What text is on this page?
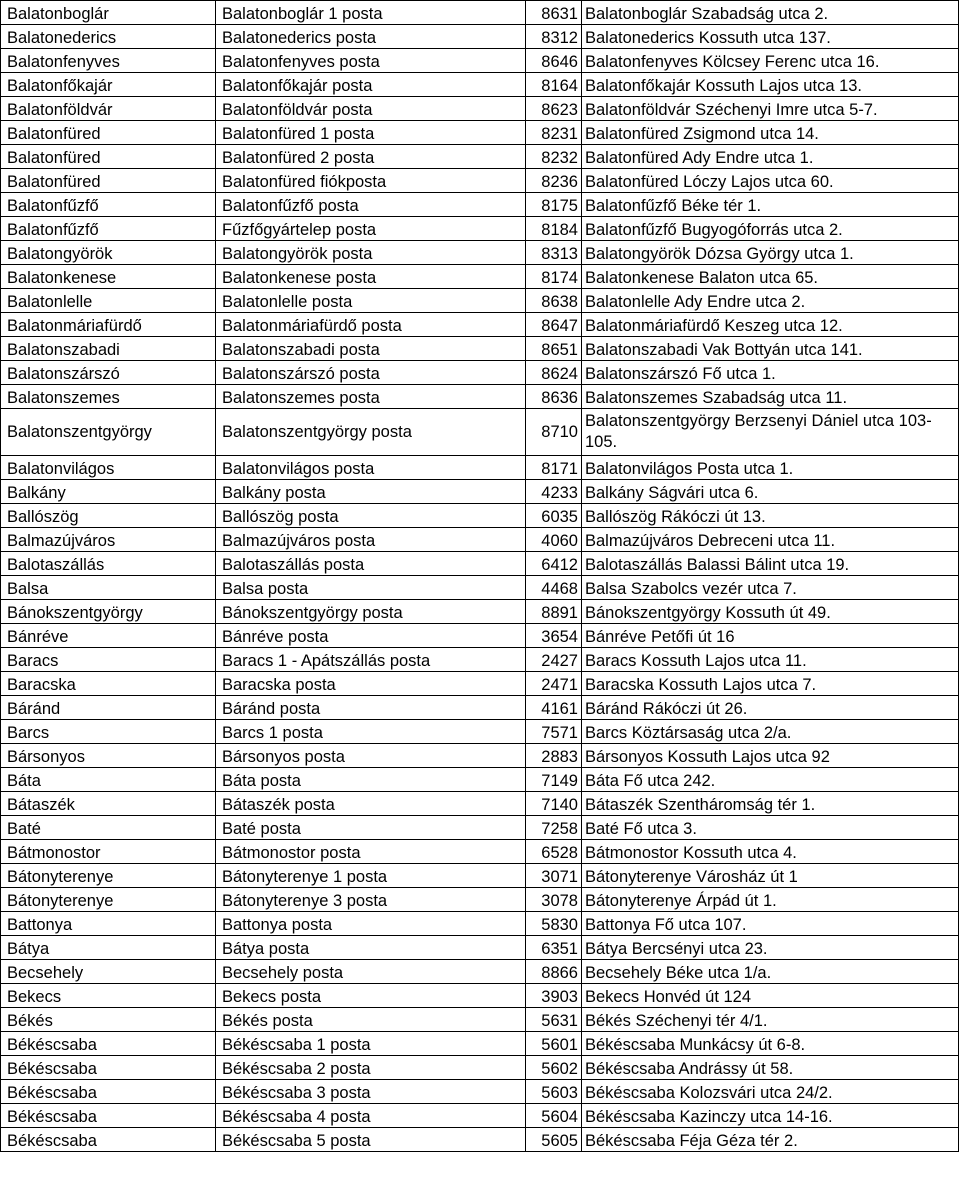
Balatonboglár	Balatonboglár 1 posta	8631	Balatonboglár Szabadság utca 2.
Balatonederics	Balatonederics posta	8312	Balatonederics Kossuth utca 137.
Balatonfenyves	Balatonfenyves posta	8646	Balatonfenyves Kölcsey Ferenc utca 16.
Balatonfőkajár	Balatonfőkajár posta	8164	Balatonfőkajár Kossuth Lajos utca 13.
Balatonföldvár	Balatonföldvár posta	8623	Balatonföldvár Széchenyi Imre utca 5-7.
Balatonfüred	Balatonfüred 1 posta	8231	Balatonfüred Zsigmond utca 14.
Balatonfüred	Balatonfüred 2 posta	8232	Balatonfüred Ady Endre utca 1.
Balatonfüred	Balatonfüred fiókposta	8236	Balatonfüred Lóczy Lajos utca 60.
Balatonfűzfő	Balatonfűzfő posta	8175	Balatonfűzfő Béke tér 1.
Balatonfűzfő	Fűzfőgyártelep posta	8184	Balatonfűzfő Bugyogóforrás utca 2.
Balatongyörök	Balatongyörök posta	8313	Balatongyörök Dózsa György utca 1.
Balatonkenese	Balatonkenese posta	8174	Balatonkenese Balaton utca 65.
Balatonlelle	Balatonlelle posta	8638	Balatonlelle Ady Endre utca 2.
Balatonmáriafürdő	Balatonmáriafürdő posta	8647	Balatonmáriafürdő Keszeg utca 12.
Balatonszabadi	Balatonszabadi posta	8651	Balatonszabadi Vak Bottyán utca 141.
Balatonszárszó	Balatonszárszó posta	8624	Balatonszárszó Fő utca 1.
Balatonszemes	Balatonszemes posta	8636	Balatonszemes Szabadság utca 11.
Balatonszentgyörgy	Balatonszentgyörgy posta	8710	Balatonszentgyörgy Berzsenyi Dániel utca 103-105.
Balatonvilágos	Balatonvilágos posta	8171	Balatonvilágos Posta utca 1.
Balkány	Balkány posta	4233	Balkány Ságvári utca 6.
Ballószög	Ballószög posta	6035	Ballószög Rákóczi út 13.
Balmazújváros	Balmazújváros posta	4060	Balmazújváros Debreceni utca 11.
Balotaszállás	Balotaszállás posta	6412	Balotaszállás Balassi Bálint utca 19.
Balsa	Balsa posta	4468	Balsa Szabolcs vezér utca 7.
Bánokszentgyörgy	Bánokszentgyörgy posta	8891	Bánokszentgyörgy Kossuth út 49.
Bánréve	Bánréve posta	3654	Bánréve Petőfi út 16
Baracs	Baracs 1 - Apátszállás posta	2427	Baracs Kossuth Lajos utca 11.
Baracska	Baracska posta	2471	Baracska Kossuth Lajos utca 7.
Báránd	Báránd posta	4161	Báránd Rákóczi út 26.
Barcs	Barcs 1 posta	7571	Barcs Köztársaság utca 2/a.
Bársonyos	Bársonyos posta	2883	Bársonyos Kossuth Lajos utca 92
Báta	Báta posta	7149	Báta Fő utca 242.
Bátaszék	Bátaszék posta	7140	Bátaszék Szentháromság tér 1.
Baté	Baté posta	7258	Baté Fő utca 3.
Bátmonostor	Bátmonostor posta	6528	Bátmonostor Kossuth utca 4.
Bátonyterenye	Bátonyterenye 1 posta	3071	Bátonyterenye Városház út 1
Bátonyterenye	Bátonyterenye 3 posta	3078	Bátonyterenye Árpád út 1.
Battonya	Battonya posta	5830	Battonya Fő utca 107.
Bátya	Bátya posta	6351	Bátya Bercsényi utca 23.
Becsehely	Becsehely posta	8866	Becsehely Béke utca 1/a.
Bekecs	Bekecs posta	3903	Bekecs Honvéd út 124
Békés	Békés posta	5631	Békés Széchenyi tér 4/1.
Békéscsaba	Békéscsaba 1 posta	5601	Békéscsaba Munkácsy út 6-8.
Békéscsaba	Békéscsaba 2 posta	5602	Békéscsaba Andrássy út 58.
Békéscsaba	Békéscsaba 3 posta	5603	Békéscsaba Kolozsvári utca 24/2.
Békéscsaba	Békéscsaba 4 posta	5604	Békéscsaba Kazinczy utca 14-16.
Békéscsaba	Békéscsaba 5 posta	5605	Békéscsaba Féja Géza tér 2.
